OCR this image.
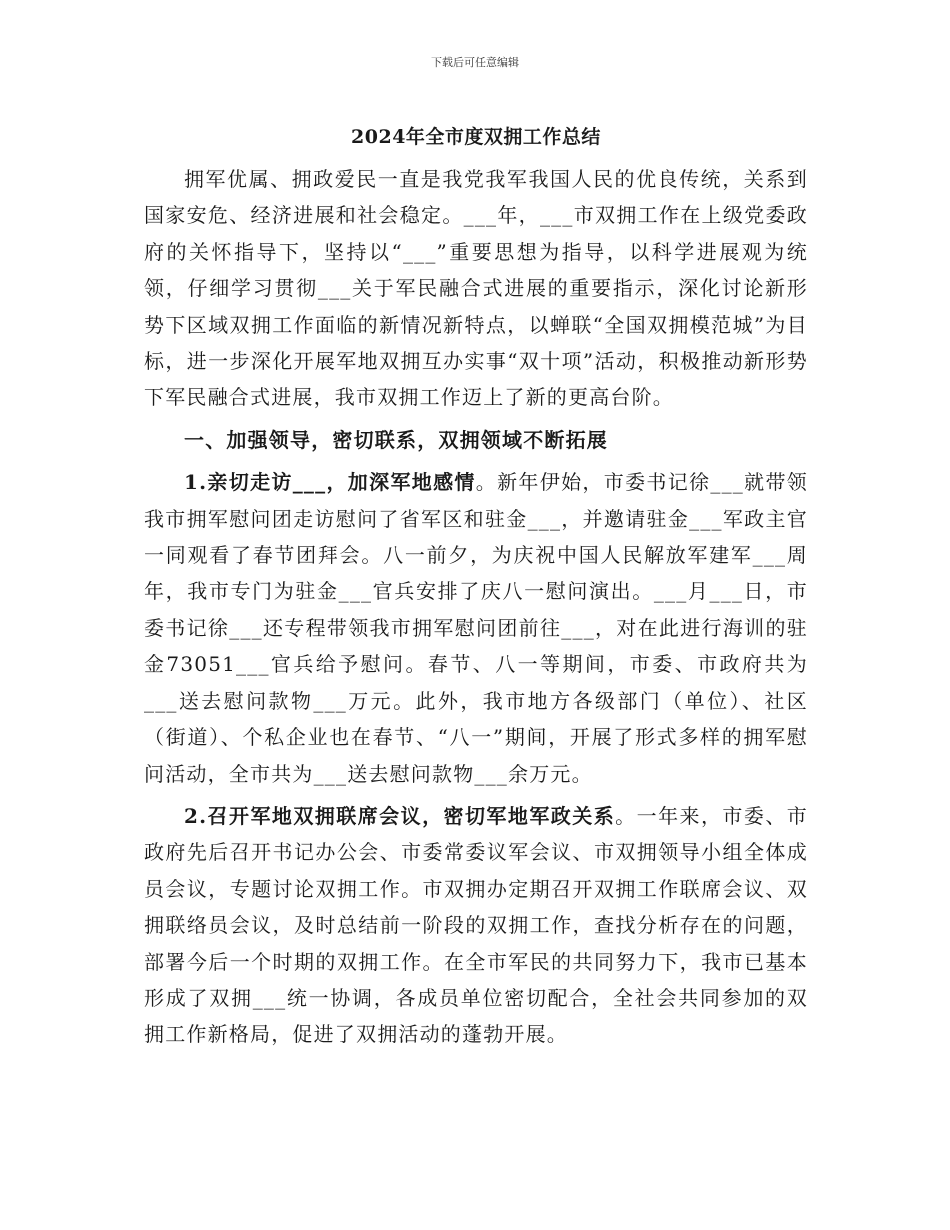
下载后可任意编辑
2024年全市度双拥工作总结

拥军优属、拥政爱民一直是我党我军我国人民的优良传统，关系到国家安危、经济进展和社会稳定。___年，___市双拥工作在上级党委政府的关怀指导下，坚持以“___”重要思想为指导，以科学进展观为统领，仔细学习贯彻___关于军民融合式进展的重要指示，深化讨论新形势下区域双拥工作面临的新情况新特点，以蝉联“全国双拥模范城”为目标，进一步深化开展军地双拥互办实事“双十项”活动，积极推动新形势下军民融合式进展，我市双拥工作迈上了新的更高台阶。

一、加强领导，密切联系，双拥领域不断拓展

1.亲切走访___，加深军地感情。新年伊始，市委书记徐___就带领我市拥军慰问团走访慰问了省军区和驻金___，并邀请驻金___军政主官一同观看了春节团拜会。八一前夕，为庆祝中国人民解放军建军___周年，我市专门为驻金___官兵安排了庆八一慰问演出。___月___日，市委书记徐___还专程带领我市拥军慰问团前往___，对在此进行海训的驻金73051___官兵给予慰问。春节、八一等期间，市委、市政府共为___送去慰问款物___万元。此外，我市地方各级部门（单位）、社区（街道）、个私企业也在春节、“八一”期间，开展了形式多样的拥军慰问活动，全市共为___送去慰问款物___余万元。

2.召开军地双拥联席会议，密切军地军政关系。一年来，市委、市政府先后召开书记办公会、市委常委议军会议、市双拥领导小组全体成员会议，专题讨论双拥工作。市双拥办定期召开双拥工作联席会议、双拥联络员会议，及时总结前一阶段的双拥工作，查找分析存在的问题，部署今后一个时期的双拥工作。在全市军民的共同努力下，我市已基本形成了双拥___统一协调，各成员单位密切配合，全社会共同参加的双拥工作新格局，促进了双拥活动的蓬勃开展。
